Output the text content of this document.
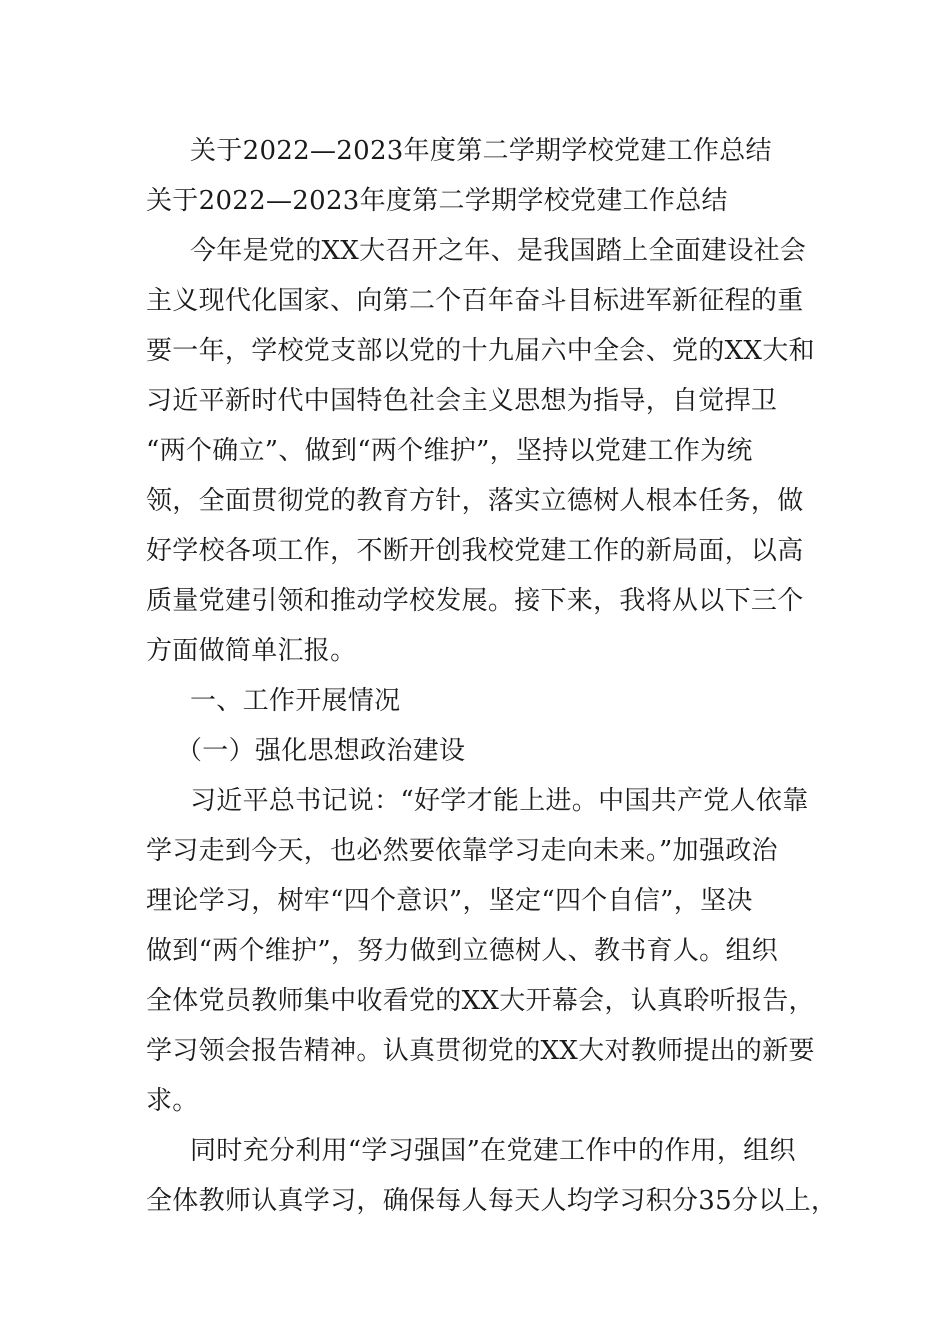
关于2022—2023年度第二学期学校党建工作总结
关于2022—2023年度第二学期学校党建工作总结
今年是党的XX大召开之年、是我国踏上全面建设社会
主义现代化国家、向第二个百年奋斗目标进军新征程的重
要一年，学校党支部以党的十九届六中全会、党的XX大和
习近平新时代中国特色社会主义思想为指导，自觉捍卫
“两个确立”、做到“两个维护”，坚持以党建工作为统
领，全面贯彻党的教育方针，落实立德树人根本任务，做
好学校各项工作，不断开创我校党建工作的新局面，以高
质量党建引领和推动学校发展。接下来，我将从以下三个
方面做简单汇报。
一、工作开展情况
（一）强化思想政治建设
习近平总书记说：“好学才能上进。中国共产党人依靠
学习走到今天，也必然要依靠学习走向未来。”加强政治
理论学习，树牢“四个意识”，坚定“四个自信”，坚决
做到“两个维护”，努力做到立德树人、教书育人。组织
全体党员教师集中收看党的XX大开幕会，认真聆听报告，
学习领会报告精神。认真贯彻党的XX大对教师提出的新要
求。
同时充分利用“学习强国”在党建工作中的作用，组织
全体教师认真学习，确保每人每天人均学习积分35分以上，
